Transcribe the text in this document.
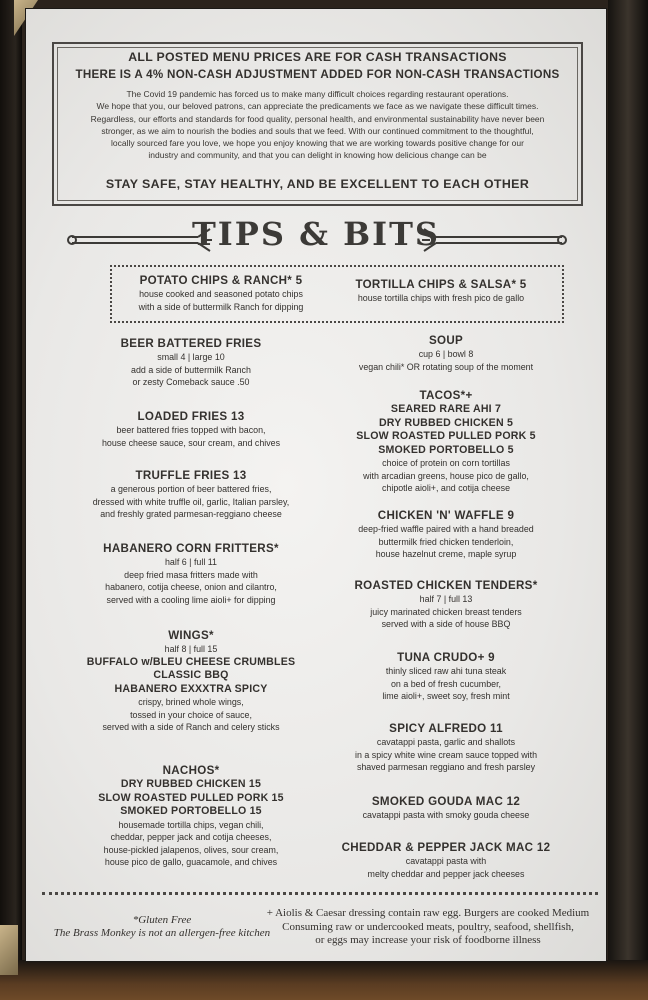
ALL POSTED MENU PRICES ARE FOR CASH TRANSACTIONS
THERE IS A 4% NON-CASH ADJUSTMENT ADDED FOR NON-CASH TRANSACTIONS
The Covid 19 pandemic has forced us to make many difficult choices regarding restaurant operations.
We hope that you, our beloved patrons, can appreciate the predicaments we face as we navigate these difficult times.
Regardless, our efforts and standards for food quality, personal health, and environmental sustainability have never been
stronger, as we aim to nourish the bodies and souls that we feed. With our continued commitment to the thoughtful,
locally sourced fare you love, we hope you enjoy knowing that we are working towards positive change for our
industry and community, and that you can delight in knowing how delicious change can be
STAY SAFE, STAY HEALTHY, AND BE EXCELLENT TO EACH OTHER
TIPS & BITS
POTATO CHIPS & RANCH* 5
house cooked and seasoned potato chips
with a side of buttermilk Ranch for dipping
TORTILLA CHIPS & SALSA* 5
house tortilla chips with fresh pico de gallo
BEER BATTERED FRIES
small 4 | large 10
add a side of buttermilk Ranch
or zesty Comeback sauce .50
LOADED FRIES 13
beer battered fries topped with bacon,
house cheese sauce, sour cream, and chives
TRUFFLE FRIES 13
a generous portion of beer battered fries,
dressed with white truffle oil, garlic, Italian parsley,
and freshly grated parmesan-reggiano cheese
HABANERO CORN FRITTERS*
half 6 | full 11
deep fried masa fritters made with
habanero, cotija cheese, onion and cilantro,
served with a cooling lime aioli+ for dipping
WINGS*
half 8 | full 15
BUFFALO w/BLEU CHEESE CRUMBLES
CLASSIC BBQ
HABANERO EXXXTRA SPICY
crispy, brined whole wings,
tossed in your choice of sauce,
served with a side of Ranch and celery sticks
NACHOS*
DRY RUBBED CHICKEN 15
SLOW ROASTED PULLED PORK 15
SMOKED PORTOBELLO 15
housemade tortilla chips, vegan chili,
cheddar, pepper jack and cotija cheeses,
house-pickled jalapenos, olives, sour cream,
house pico de gallo, guacamole, and chives
SOUP
cup 6 | bowl 8
vegan chili* OR rotating soup of the moment
TACOS*+
SEARED RARE AHI 7
DRY RUBBED CHICKEN 5
SLOW ROASTED PULLED PORK 5
SMOKED PORTOBELLO 5
choice of protein on corn tortillas
with arcadian greens, house pico de gallo,
chipotle aioli+, and cotija cheese
CHICKEN 'N' WAFFLE 9
deep-fried waffle paired with a hand breaded
buttermilk fried chicken tenderloin,
house hazelnut creme, maple syrup
ROASTED CHICKEN TENDERS*
half 7 | full 13
juicy marinated chicken breast tenders
served with a side of house BBQ
TUNA CRUDO+ 9
thinly sliced raw ahi tuna steak
on a bed of fresh cucumber,
lime aioli+, sweet soy, fresh mint
SPICY ALFREDO 11
cavatappi pasta, garlic and shallots
in a spicy white wine cream sauce topped with
shaved parmesan reggiano and fresh parsley
SMOKED GOUDA MAC 12
cavatappi pasta with smoky gouda cheese
CHEDDAR & PEPPER JACK MAC 12
cavatappi pasta with
melty cheddar and pepper jack cheeses
*Gluten Free
The Brass Monkey is not an allergen-free kitchen
+ Aiolis & Caesar dressing contain raw egg. Burgers are cooked Medium
Consuming raw or undercooked meats, poultry, seafood, shellfish,
or eggs may increase your risk of foodborne illness
